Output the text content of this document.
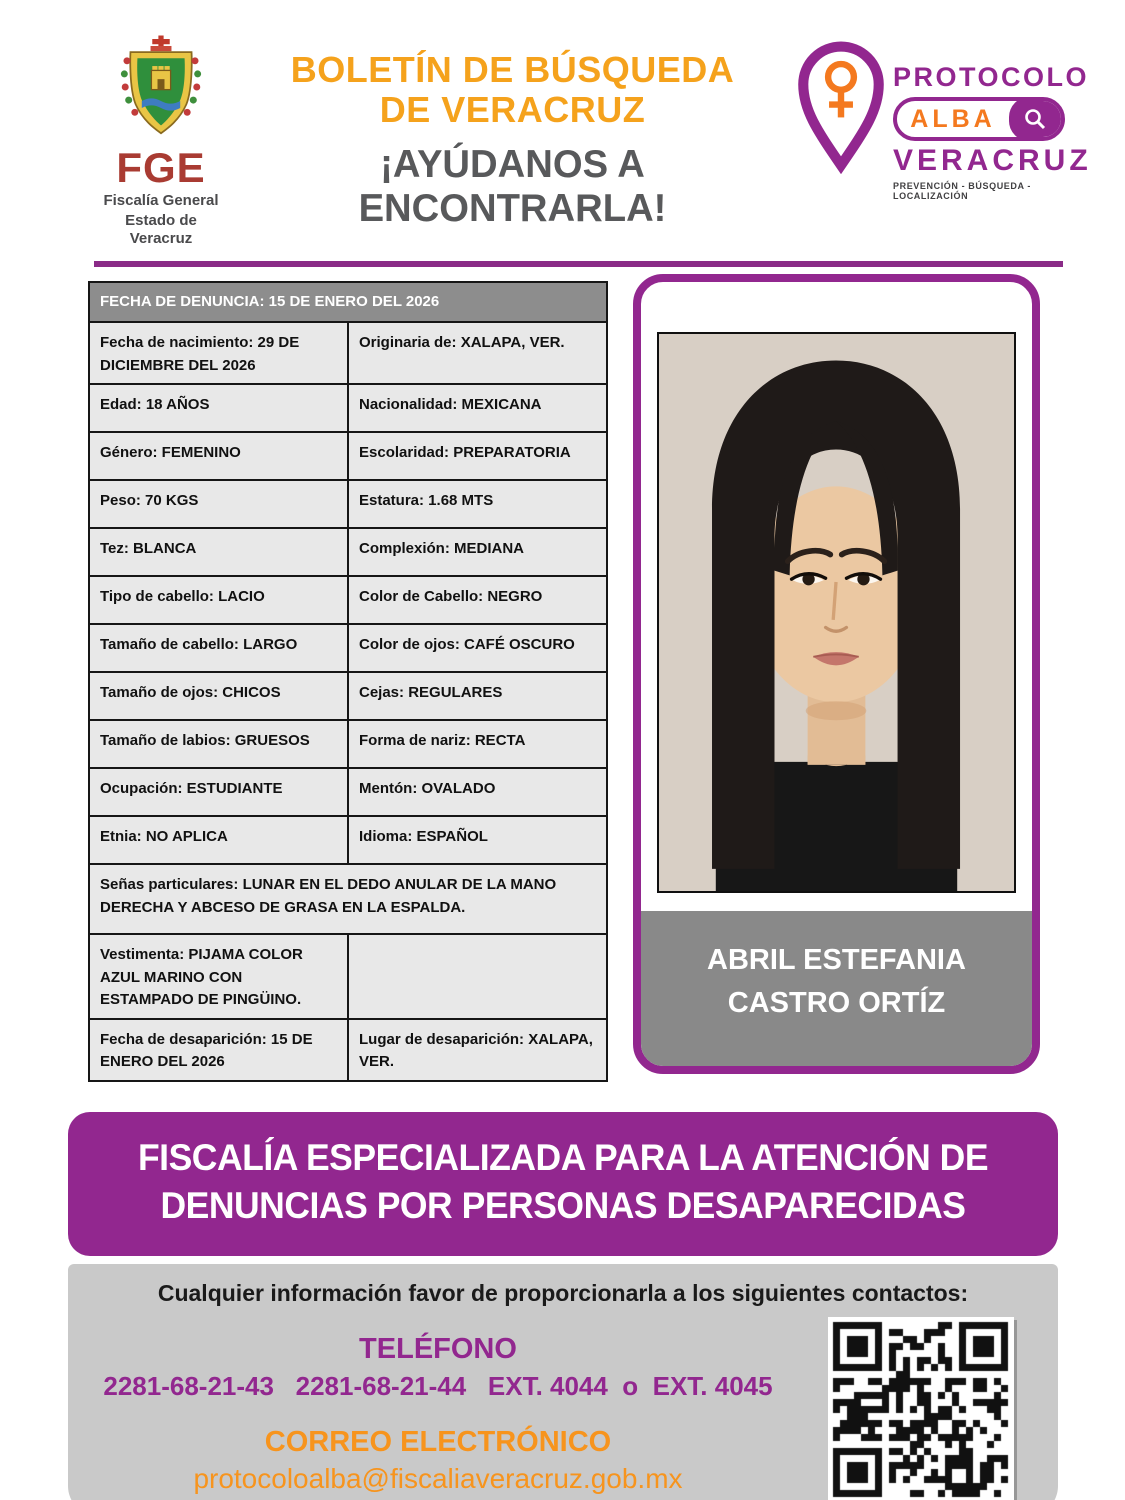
FGE
Fiscalía General
Estado de Veracruz
BOLETÍN DE BÚSQUEDA
DE VERACRUZ
¡AYÚDANOS A ENCONTRARLA!
PROTOCOLO
ALBA
VERACRUZ
PREVENCIÓN - BÚSQUEDA - LOCALIZACIÓN
FECHA DE DENUNCIA: 15 DE ENERO DEL 2026	
Fecha de nacimiento: 29 DE DICIEMBRE DEL 2026	Originaria de: XALAPA, VER.
Edad: 18 AÑOS	Nacionalidad: MEXICANA
Género: FEMENINO	Escolaridad: PREPARATORIA
Peso: 70 KGS	Estatura: 1.68 MTS
Tez: BLANCA	Complexión: MEDIANA
Tipo de cabello: LACIO	Color de Cabello: NEGRO
Tamaño de cabello: LARGO	Color de ojos: CAFÉ OSCURO
Tamaño de ojos: CHICOS	Cejas: REGULARES
Tamaño de labios: GRUESOS	Forma de nariz: RECTA
Ocupación: ESTUDIANTE	Mentón: OVALADO
Etnia: NO APLICA	Idioma: ESPAÑOL
Señas particulares: LUNAR EN EL DEDO ANULAR DE LA MANO DERECHA Y ABCESO DE GRASA EN LA ESPALDA.	
Vestimenta: PIJAMA COLOR AZUL MARINO CON ESTAMPADO DE PINGÜINO.	
Fecha de desaparición: 15 DE ENERO DEL 2026	Lugar de desaparición: XALAPA, VER.
ABRIL ESTEFANIA
CASTRO ORTÍZ
FISCALÍA ESPECIALIZADA PARA LA ATENCIÓN DE
DENUNCIAS POR PERSONAS DESAPARECIDAS
Cualquier información favor de proporcionarla a los siguientes contactos:
TELÉFONO
2281-68-21-43   2281-68-21-44   EXT. 4044  o  EXT. 4045
CORREO ELECTRÓNICO
protocoloalba@fiscaliaveracruz.gob.mx
